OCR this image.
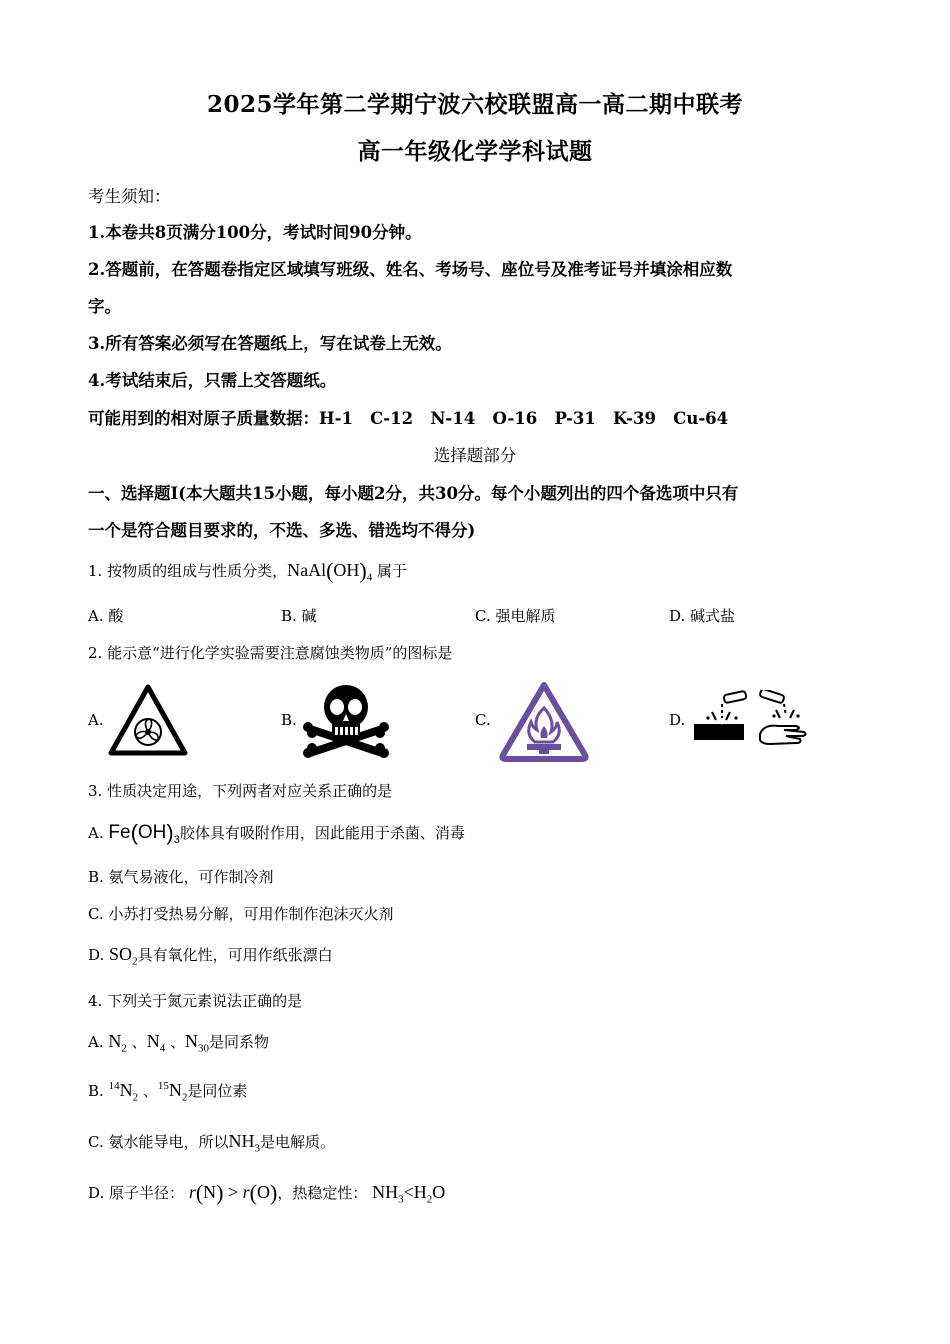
2025学年第二学期宁波六校联盟高一高二期中联考
高一年级化学学科试题
考生须知：
1.本卷共8页满分100分，考试时间90分钟。
2.答题前，在答题卷指定区域填写班级、姓名、考场号、座位号及准考证号并填涂相应数
字。
3.所有答案必须写在答题纸上，写在试卷上无效。
4.考试结束后，只需上交答题纸。
可能用到的相对原子质量数据：H-1   C-12   N-14   O-16   P-31   K-39   Cu-64
选择题部分
一、选择题Ⅰ(本大题共15小题，每小题2分，共30分。每个小题列出的四个备选项中只有
一个是符合题目要求的，不选、多选、错选均不得分)
1. 按物质的组成与性质分类，$NaAl(OH)_4$ 属于
A. 酸	B. 碱	C. 强电解质	D. 碱式盐
2. 能示意“进行化学实验需要注意腐蚀类物质”的图标是
A.	B.	C.	D.
3. 性质决定用途，下列两者对应关系正确的是
A. $Fe(OH)_3$胶体具有吸附作用，因此能用于杀菌、消毒
B. 氨气易液化，可作制冷剂
C. 小苏打受热易分解，可用作制作泡沫灭火剂
D. $SO_2$具有氧化性，可用作纸张漂白
4. 下列关于氮元素说法正确的是
A. $N_2$ 、$N_4$ 、$N_{30}$是同系物
B. $^{14}N_2$ 、$^{15}N_2$是同位素
C. 氨水能导电，所以$NH_3$是电解质。
D. 原子半径： r(N) > r(O)，热稳定性： $NH_3<H_2O$
